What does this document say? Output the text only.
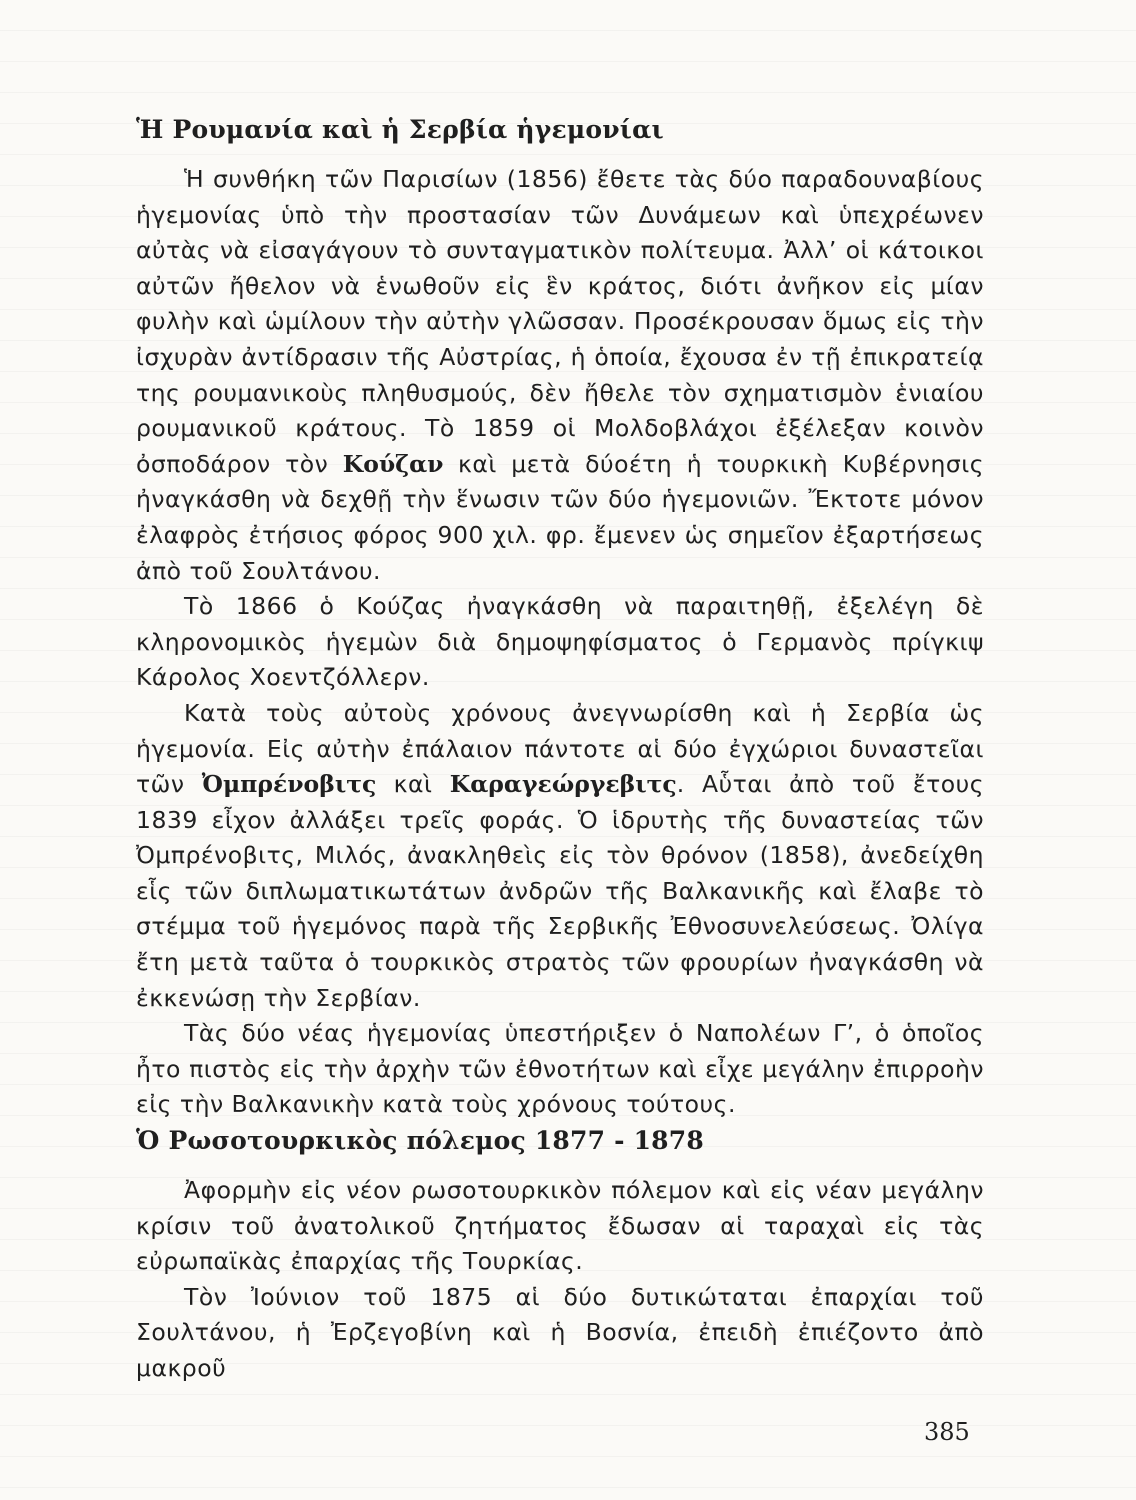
Ἡ Ρουμανία καὶ ἡ Σερβία ἡγεμονίαι

Ἡ συνθήκη τῶν Παρισίων (1856) ἔθετε τὰς δύο παραδουναβίους ἡγεμονίας ὑπὸ τὴν προστασίαν τῶν Δυνάμεων καὶ ὑπεχρέωνεν αὐτὰς νὰ εἰσαγάγουν τὸ συνταγματικὸν πολίτευμα. Ἀλλ’ οἱ κάτοικοι αὐτῶν ἤθελον νὰ ἑνωθοῦν εἰς ἓν κράτος, διότι ἀνῆκον εἰς μίαν φυλὴν καὶ ὡμίλουν τὴν αὐτὴν γλῶσσαν. Προσέκρουσαν ὅμως εἰς τὴν ἰσχυρὰν ἀντίδρασιν τῆς Αὐστρίας, ἡ ὁποία, ἔχουσα ἐν τῇ ἐπικρατείᾳ της ρουμανικοὺς πληθυσμούς, δὲν ἤθελε τὸν σχηματισμὸν ἑνιαίου ρουμανικοῦ κράτους. Τὸ 1859 οἱ Μολδοβλάχοι ἐξέλεξαν κοινὸν ὀσποδάρον τὸν Κούζαν καὶ μετὰ δύοέτη ἡ τουρκικὴ Κυβέρνησις ἠναγκάσθη νὰ δεχθῇ τὴν ἕνωσιν τῶν δύο ἡγεμονιῶν. Ἔκτοτε μόνον ἐλαφρὸς ἐτήσιος φόρος 900 χιλ. φρ. ἔμενεν ὡς σημεῖον ἐξαρτήσεως ἀπὸ τοῦ Σουλτάνου.

Τὸ 1866 ὁ Κούζας ἠναγκάσθη νὰ παραιτηθῇ, ἐξελέγη δὲ κληρονομικὸς ἡγεμὼν διὰ δημοψηφίσματος ὁ Γερμανὸς πρίγκιψ Κάρολος Χοεντζόλλερν.

Κατὰ τοὺς αὐτοὺς χρόνους ἀνεγνωρίσθη καὶ ἡ Σερβία ὡς ἡγεμονία. Εἰς αὐτὴν ἐπάλαιον πάντοτε αἱ δύο ἐγχώριοι δυναστεῖαι τῶν Ὀμπρένοβιτς καὶ Καραγεώργεβιτς. Αὗται ἀπὸ τοῦ ἔτους 1839 εἶχον ἀλλάξει τρεῖς φοράς. Ὁ ἱδρυτὴς τῆς δυναστείας τῶν Ὀμπρένοβιτς, Μιλός, ἀνακληθεὶς εἰς τὸν θρόνον (1858), ἀνεδείχθη εἷς τῶν διπλωματικωτάτων ἀνδρῶν τῆς Βαλκανικῆς καὶ ἔλαβε τὸ στέμμα τοῦ ἡγεμόνος παρὰ τῆς Σερβικῆς Ἐθνοσυνελεύσεως. Ὀλίγα ἔτη μετὰ ταῦτα ὁ τουρκικὸς στρατὸς τῶν φρουρίων ἠναγκάσθη νὰ ἐκκενώσῃ τὴν Σερβίαν.

Τὰς δύο νέας ἡγεμονίας ὑπεστήριξεν ὁ Ναπολέων Γ’, ὁ ὁποῖος ἦτο πιστὸς εἰς τὴν ἀρχὴν τῶν ἐθνοτήτων καὶ εἶχε μεγάλην ἐπιρροὴν εἰς τὴν Βαλκανικὴν κατὰ τοὺς χρόνους τούτους.

Ὁ Ρωσοτουρκικὸς πόλεμος 1877 - 1878

Ἀφορμὴν εἰς νέον ρωσοτουρκικὸν πόλεμον καὶ εἰς νέαν μεγάλην κρίσιν τοῦ ἀνατολικοῦ ζητήματος ἔδωσαν αἱ ταραχαὶ εἰς τὰς εὐρωπαϊκὰς ἐπαρχίας τῆς Τουρκίας.

Τὸν Ἰούνιον τοῦ 1875 αἱ δύο δυτικώταται ἐπαρχίαι τοῦ Σουλτάνου, ἡ Ἐρζεγοβίνη καὶ ἡ Βοσνία, ἐπειδὴ ἐπιέζοντο ἀπὸ μακροῦ

385
